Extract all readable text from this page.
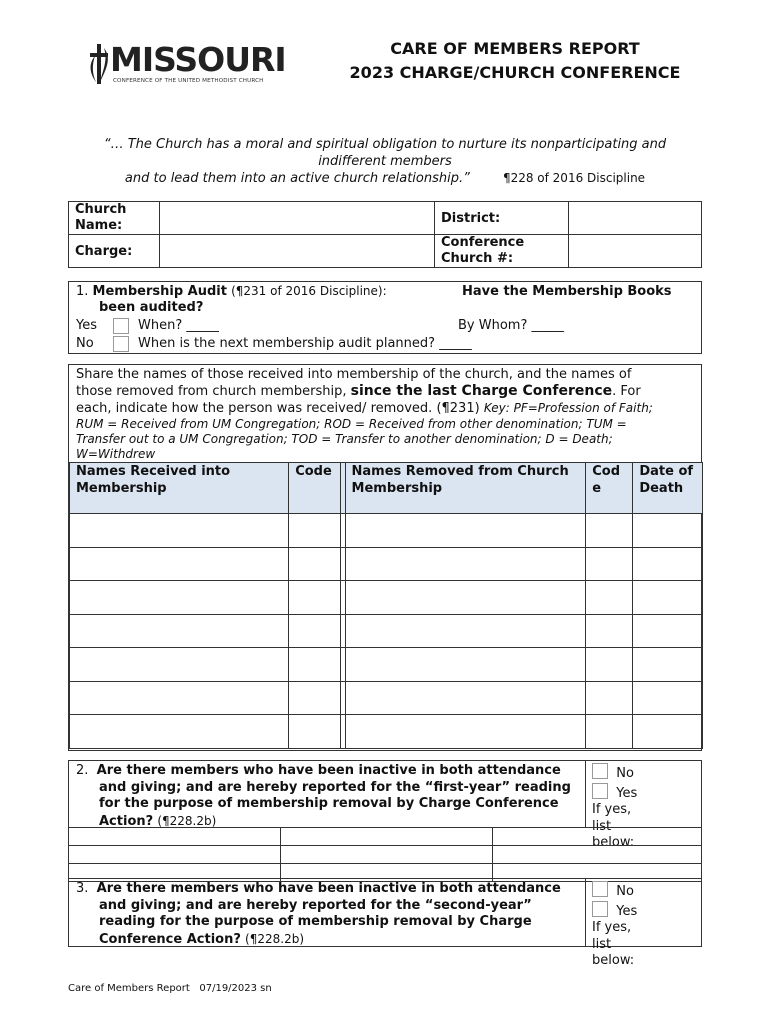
MISSOURI
CONFERENCE OF THE UNITED METHODIST CHURCH
CARE OF MEMBERS REPORT
2023 CHARGE/CHURCH CONFERENCE
“… The Church has a moral and spiritual obligation to nurture its nonparticipating and
indifferent members
and to lead them into an active church relationship.”	¶228 of 2016 Discipline
Church Name:		District:	
Charge:		Conference Church #:	
1. Membership Audit (¶231 of 2016 Discipline):	Have the Membership Books
been audited?
Yes	When? _____	By Whom? _____
No	When is the next membership audit planned? _____
Share the names of those received into membership of the church, and the names of
those removed from church membership, since the last Charge Conference. For
each, indicate how the person was received/ removed. (¶231) Key: PF=Profession of Faith;
RUM = Received from UM Congregation; ROD = Received from other denomination; TUM =
Transfer out to a UM Congregation; TOD = Transfer to another denomination; D = Death;
W=Withdrew
Names Received into Membership	Code		Names Removed from Church Membership	Code	Date of Death

2. Are there members who have been inactive in both attendance and giving; and are hereby reported for the “first-year” reading for the purpose of membership removal by Charge Conference Action? (¶228.2b)
No
Yes
If yes, list below:

3. Are there members who have been inactive in both attendance and giving; and are hereby reported for the “second-year” reading for the purpose of membership removal by Charge Conference Action? (¶228.2b)
No
Yes
If yes, list below:
Care of Members Report   07/19/2023 sn
